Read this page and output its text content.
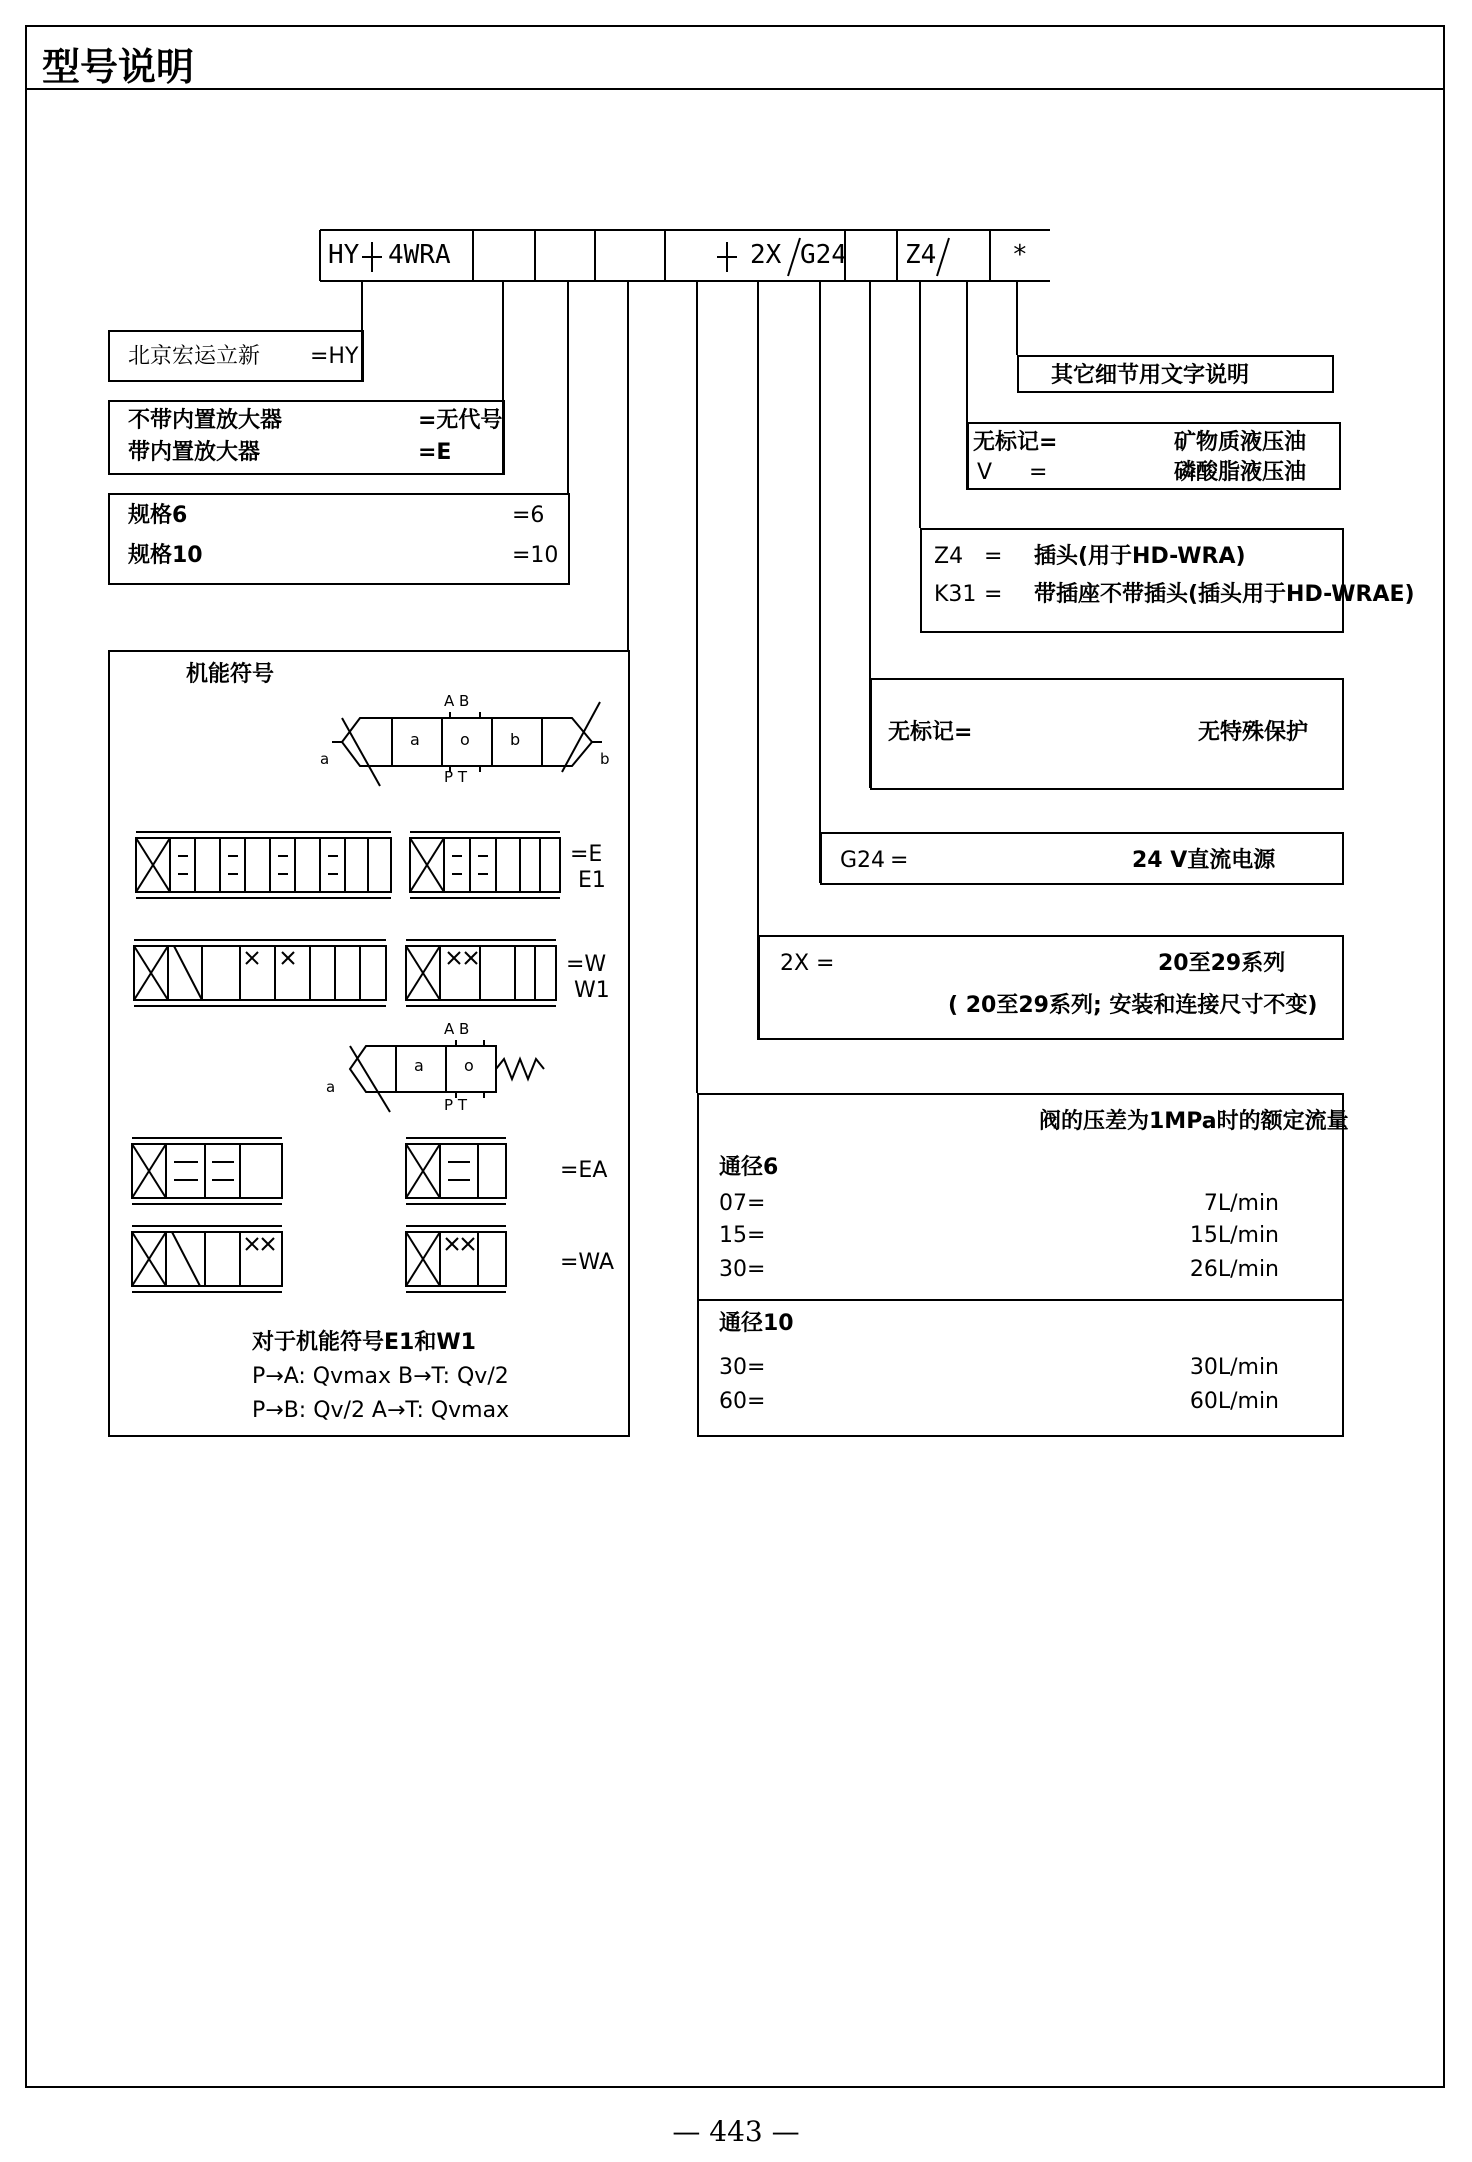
型号说明
HY 4WRA	2X G24 Z4	*
北京宏运立新 =HY
不带内置放大器	=无代号
带内置放大器	=E
规格6	=6
规格10	=10
其它细节用文字说明
无标记=	矿物质液压油
V =	磷酸脂液压油
Z4 = 插头(用于HD-WRA)
K31 = 带插座不带插头(插头用于HD-WRAE)
无标记=	无特殊保护
G24 =	24 V直流电源
2X =	20至29系列
( 20至29系列; 安装和连接尺寸不变)
阀的压差为1MPa时的额定流量
通径6
07=	7L/min
15=	15L/min
30=	26L/min
通径10
30=	30L/min
60=	60L/min
机能符号
A B
P T
a	b
a	o	b
=E
E1
=W
W1
A B
P T
a
a	o
=EA
=WA
对于机能符号E1和W1
P→A: Qvmax B→T: Qv/2
P→B: Qv/2 A→T: Qvmax
— 443 —
